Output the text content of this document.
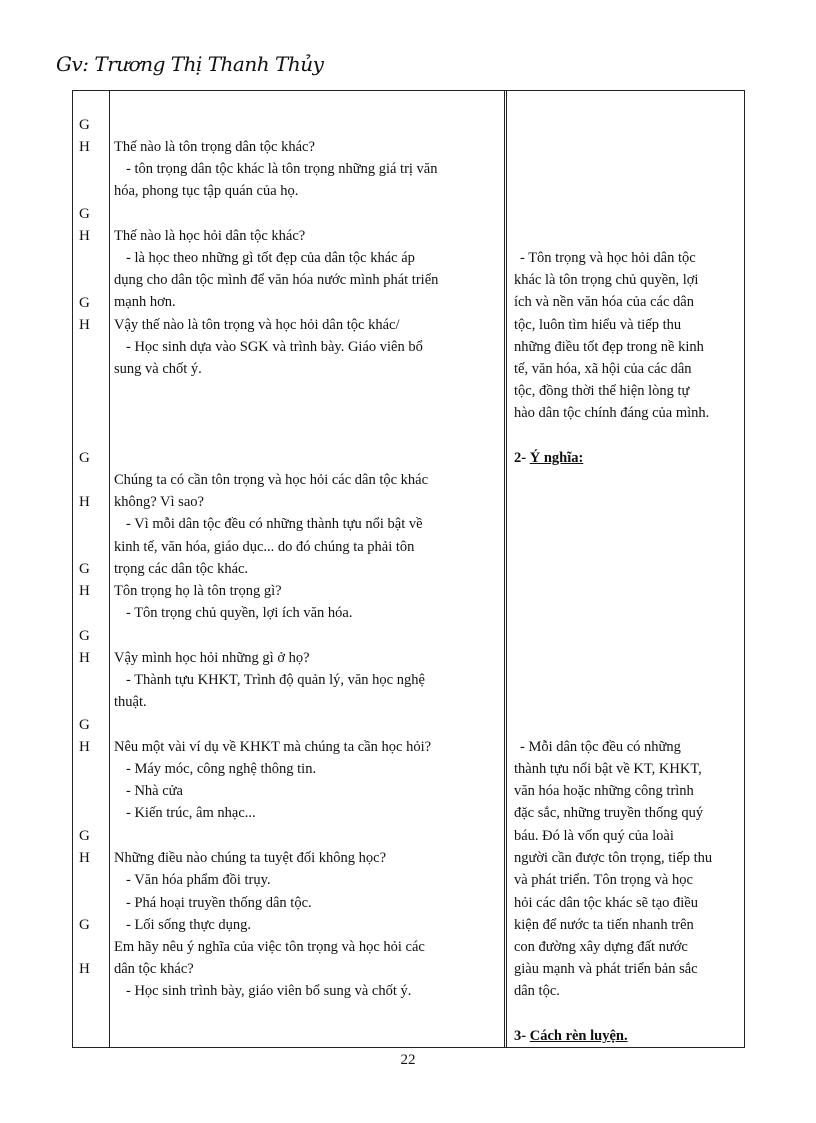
Gv: Trương Thị Thanh Thủy
G
H
G
H
G
H
G
H
G
H
G
H
G
H
G
H
G
H
Thế nào là tôn trọng dân tộc khác?
- tôn trọng dân tộc khác là tôn trọng những giá trị văn
hóa, phong tục tập quán của họ.
Thế nào là học hỏi dân tộc khác?
- là học theo những gì tốt đẹp của dân tộc khác áp
dụng cho dân tộc mình để văn hóa nước mình phát triển
mạnh hơn.
Vậy thế nào là tôn trọng và học hỏi dân tộc khác/
- Học sinh dựa vào SGK và trình bày. Giáo viên bổ
sung và chốt ý.
Chúng ta có cần tôn trọng và học hỏi các dân tộc khác
không? Vì sao?
- Vì mỗi dân tộc đều có những thành tựu nổi bật về
kinh tế, văn hóa, giáo dục... do đó chúng ta phải tôn
trọng các dân tộc khác.
Tôn trọng họ là tôn trọng gì?
- Tôn trọng chủ quyền, lợi ích văn hóa.
Vậy mình học hỏi những gì ở họ?
- Thành tựu KHKT, Trình độ quản lý, văn học nghệ
thuật.
Nêu một vài ví dụ về KHKT mà chúng ta cần học hỏi?
- Máy móc, công nghệ thông tin.
- Nhà cửa
- Kiến trúc, âm nhạc...
Những điều nào chúng ta tuyệt đối không học?
- Văn hóa phẩm đồi trụy.
- Phá hoại truyền thống dân tộc.
- Lối sống thực dụng.
Em hãy nêu ý nghĩa của việc tôn trọng và học hỏi các
dân tộc khác?
- Học sinh trình bày, giáo viên bổ sung và chốt ý.
- Tôn trọng và học hỏi dân tộc
khác là tôn trọng chủ quyền, lợi
ích và nền văn hóa của các dân
tộc, luôn tìm hiểu và tiếp thu
những điều tốt đẹp trong nề kinh
tế, văn hóa, xã hội của các dân
tộc, đồng thời thể hiện lòng tự
hào dân tộc chính đáng của mình.
2- Ý nghĩa:
- Mỗi dân tộc đều có những
thành tựu nổi bật về KT, KHKT,
văn hóa hoặc những công trình
đặc sắc, những truyền thống quý
báu. Đó là vốn quý của loài
người cần được tôn trọng, tiếp thu
và phát triển. Tôn trọng và học
hỏi các dân tộc khác sẽ tạo điều
kiện để nước ta tiến nhanh trên
con đường xây dựng đất nước
giàu mạnh và phát triển bản sắc
dân tộc.
3- Cách rèn luyện.
22
